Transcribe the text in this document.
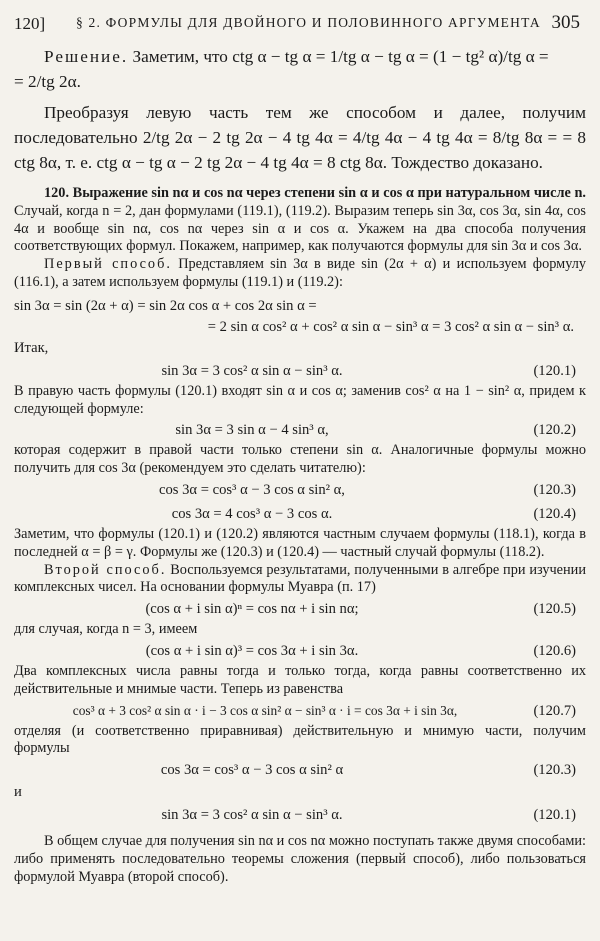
120] § 2. ФОРМУЛЫ ДЛЯ ДВОЙНОГО И ПОЛОВИННОГО АРГУМЕНТА 305

Решение. Заметим, что ctg α − tg α = 1/tg α − tg α = (1 − tg² α)/tg α =

= 2/tg 2α.

Преобразуя левую часть тем же способом и далее, получим последовательно 2/tg 2α − 2 tg 2α − 4 tg 4α = 4/tg 4α − 4 tg 4α = 8/tg 8α = = 8 ctg 8α, т. е. ctg α − tg α − 2 tg 2α − 4 tg 4α = 8 ctg 8α. Тождество доказано.

120. Выражение sin nα и cos nα через степени sin α и cos α при натуральном числе n. Случай, когда n = 2, дан формулами (119.1), (119.2). Выразим теперь sin 3α, cos 3α, sin 4α, cos 4α и вообще sin nα, cos nα через sin α и cos α. Укажем на два способа получения соответствующих формул. Покажем, например, как получаются формулы для sin 3α и cos 3α.

Первый способ. Представляем sin 3α в виде sin (2α + α) и используем формулу (116.1), а затем используем формулы (119.1) и (119.2):

sin 3α = sin (2α + α) = sin 2α cos α + cos 2α sin α =
= 2 sin α cos² α + cos² α sin α − sin³ α = 3 cos² α sin α − sin³ α.
Итак,
sin 3α = 3 cos² α sin α − sin³ α.	(120.1)

В правую часть формулы (120.1) входят sin α и cos α; заменив cos² α на 1 − sin² α, придем к следующей формуле:

sin 3α = 3 sin α − 4 sin³ α,	(120.2)

которая содержит в правой части только степени sin α. Аналогичные формулы можно получить для cos 3α (рекомендуем это сделать читателю):

cos 3α = cos³ α − 3 cos α sin² α,	(120.3)
cos 3α = 4 cos³ α − 3 cos α.	(120.4)

Заметим, что формулы (120.1) и (120.2) являются частным случаем формулы (118.1), когда в последней α = β = γ. Формулы же (120.3) и (120.4) — частный случай формулы (118.2).

Второй способ. Воспользуемся результатами, полученными в алгебре при изучении комплексных чисел. На основании формулы Муавра (п. 17)

(cos α + i sin α)ⁿ = cos nα + i sin nα;	(120.5)

для случая, когда n = 3, имеем

(cos α + i sin α)³ = cos 3α + i sin 3α.	(120.6)

Два комплексных числа равны тогда и только тогда, когда равны соответственно их действительные и мнимые части. Теперь из равенства

cos³ α + 3 cos² α sin α · i − 3 cos α sin² α − sin³ α · i = cos 3α + i sin 3α,	(120.7)

отделяя (и соответственно приравнивая) действительную и мнимую части, получим формулы

cos 3α = cos³ α − 3 cos α sin² α	(120.3)
и
sin 3α = 3 cos² α sin α − sin³ α.	(120.1)

В общем случае для получения sin nα и cos nα можно поступать также двумя способами: либо применять последовательно теоремы сложения (первый способ), либо пользоваться формулой Муавра (второй способ).
